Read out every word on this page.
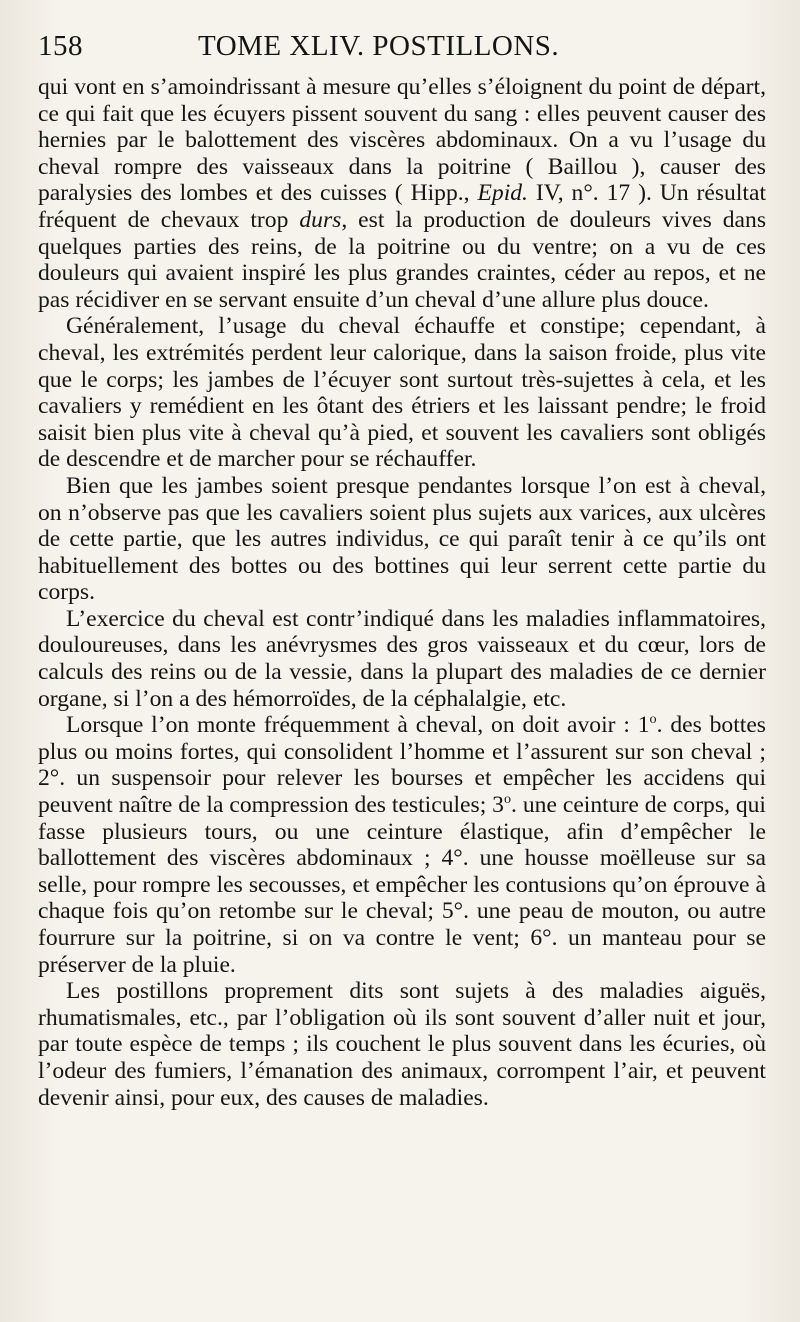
158	TOME XLIV. POSTILLONS.

qui vont en s’amoindrissant à mesure qu’elles s’éloignent du point de départ, ce qui fait que les écuyers pissent souvent du sang : elles peuvent causer des hernies par le balottement des viscères abdominaux. On a vu l’usage du cheval rompre des vaisseaux dans la poitrine ( Baillou ), causer des paralysies des lombes et des cuisses ( Hipp., Epid. IV, n°. 17 ). Un résultat fréquent de chevaux trop durs, est la production de douleurs vives dans quelques parties des reins, de la poitrine ou du ventre; on a vu de ces douleurs qui avaient inspiré les plus grandes craintes, céder au repos, et ne pas récidiver en se servant ensuite d’un cheval d’une allure plus douce.

Généralement, l’usage du cheval échauffe et constipe; cependant, à cheval, les extrémités perdent leur calorique, dans la saison froide, plus vite que le corps; les jambes de l’écuyer sont surtout très-sujettes à cela, et les cavaliers y remédient en les ôtant des étriers et les laissant pendre; le froid saisit bien plus vite à cheval qu’à pied, et souvent les cavaliers sont obligés de descendre et de marcher pour se réchauffer.

Bien que les jambes soient presque pendantes lorsque l’on est à cheval, on n’observe pas que les cavaliers soient plus sujets aux varices, aux ulcères de cette partie, que les autres individus, ce qui paraît tenir à ce qu’ils ont habituellement des bottes ou des bottines qui leur serrent cette partie du corps.

L’exercice du cheval est contr’indiqué dans les maladies inflammatoires, douloureuses, dans les anévrysmes des gros vaisseaux et du cœur, lors de calculs des reins ou de la vessie, dans la plupart des maladies de ce dernier organe, si l’on a des hémorroïdes, de la céphalalgie, etc.

Lorsque l’on monte fréquemment à cheval, on doit avoir : 1$^o$. des bottes plus ou moins fortes, qui consolident l’homme et l’assurent sur son cheval ; 2°. un suspensoir pour relever les bourses et empêcher les accidens qui peuvent naître de la compression des testicules; 3$^o$. une ceinture de corps, qui fasse plusieurs tours, ou une ceinture élastique, afin d’empêcher le ballottement des viscères abdominaux ; 4°. une housse moëlleuse sur sa selle, pour rompre les secousses, et empêcher les contusions qu’on éprouve à chaque fois qu’on retombe sur le cheval; 5°. une peau de mouton, ou autre fourrure sur la poitrine, si on va contre le vent; 6°. un manteau pour se préserver de la pluie.

Les postillons proprement dits sont sujets à des maladies aiguës, rhumatismales, etc., par l’obligation où ils sont souvent d’aller nuit et jour, par toute espèce de temps ; ils couchent le plus souvent dans les écuries, où l’odeur des fumiers, l’émanation des animaux, corrompent l’air, et peuvent devenir ainsi, pour eux, des causes de maladies.
